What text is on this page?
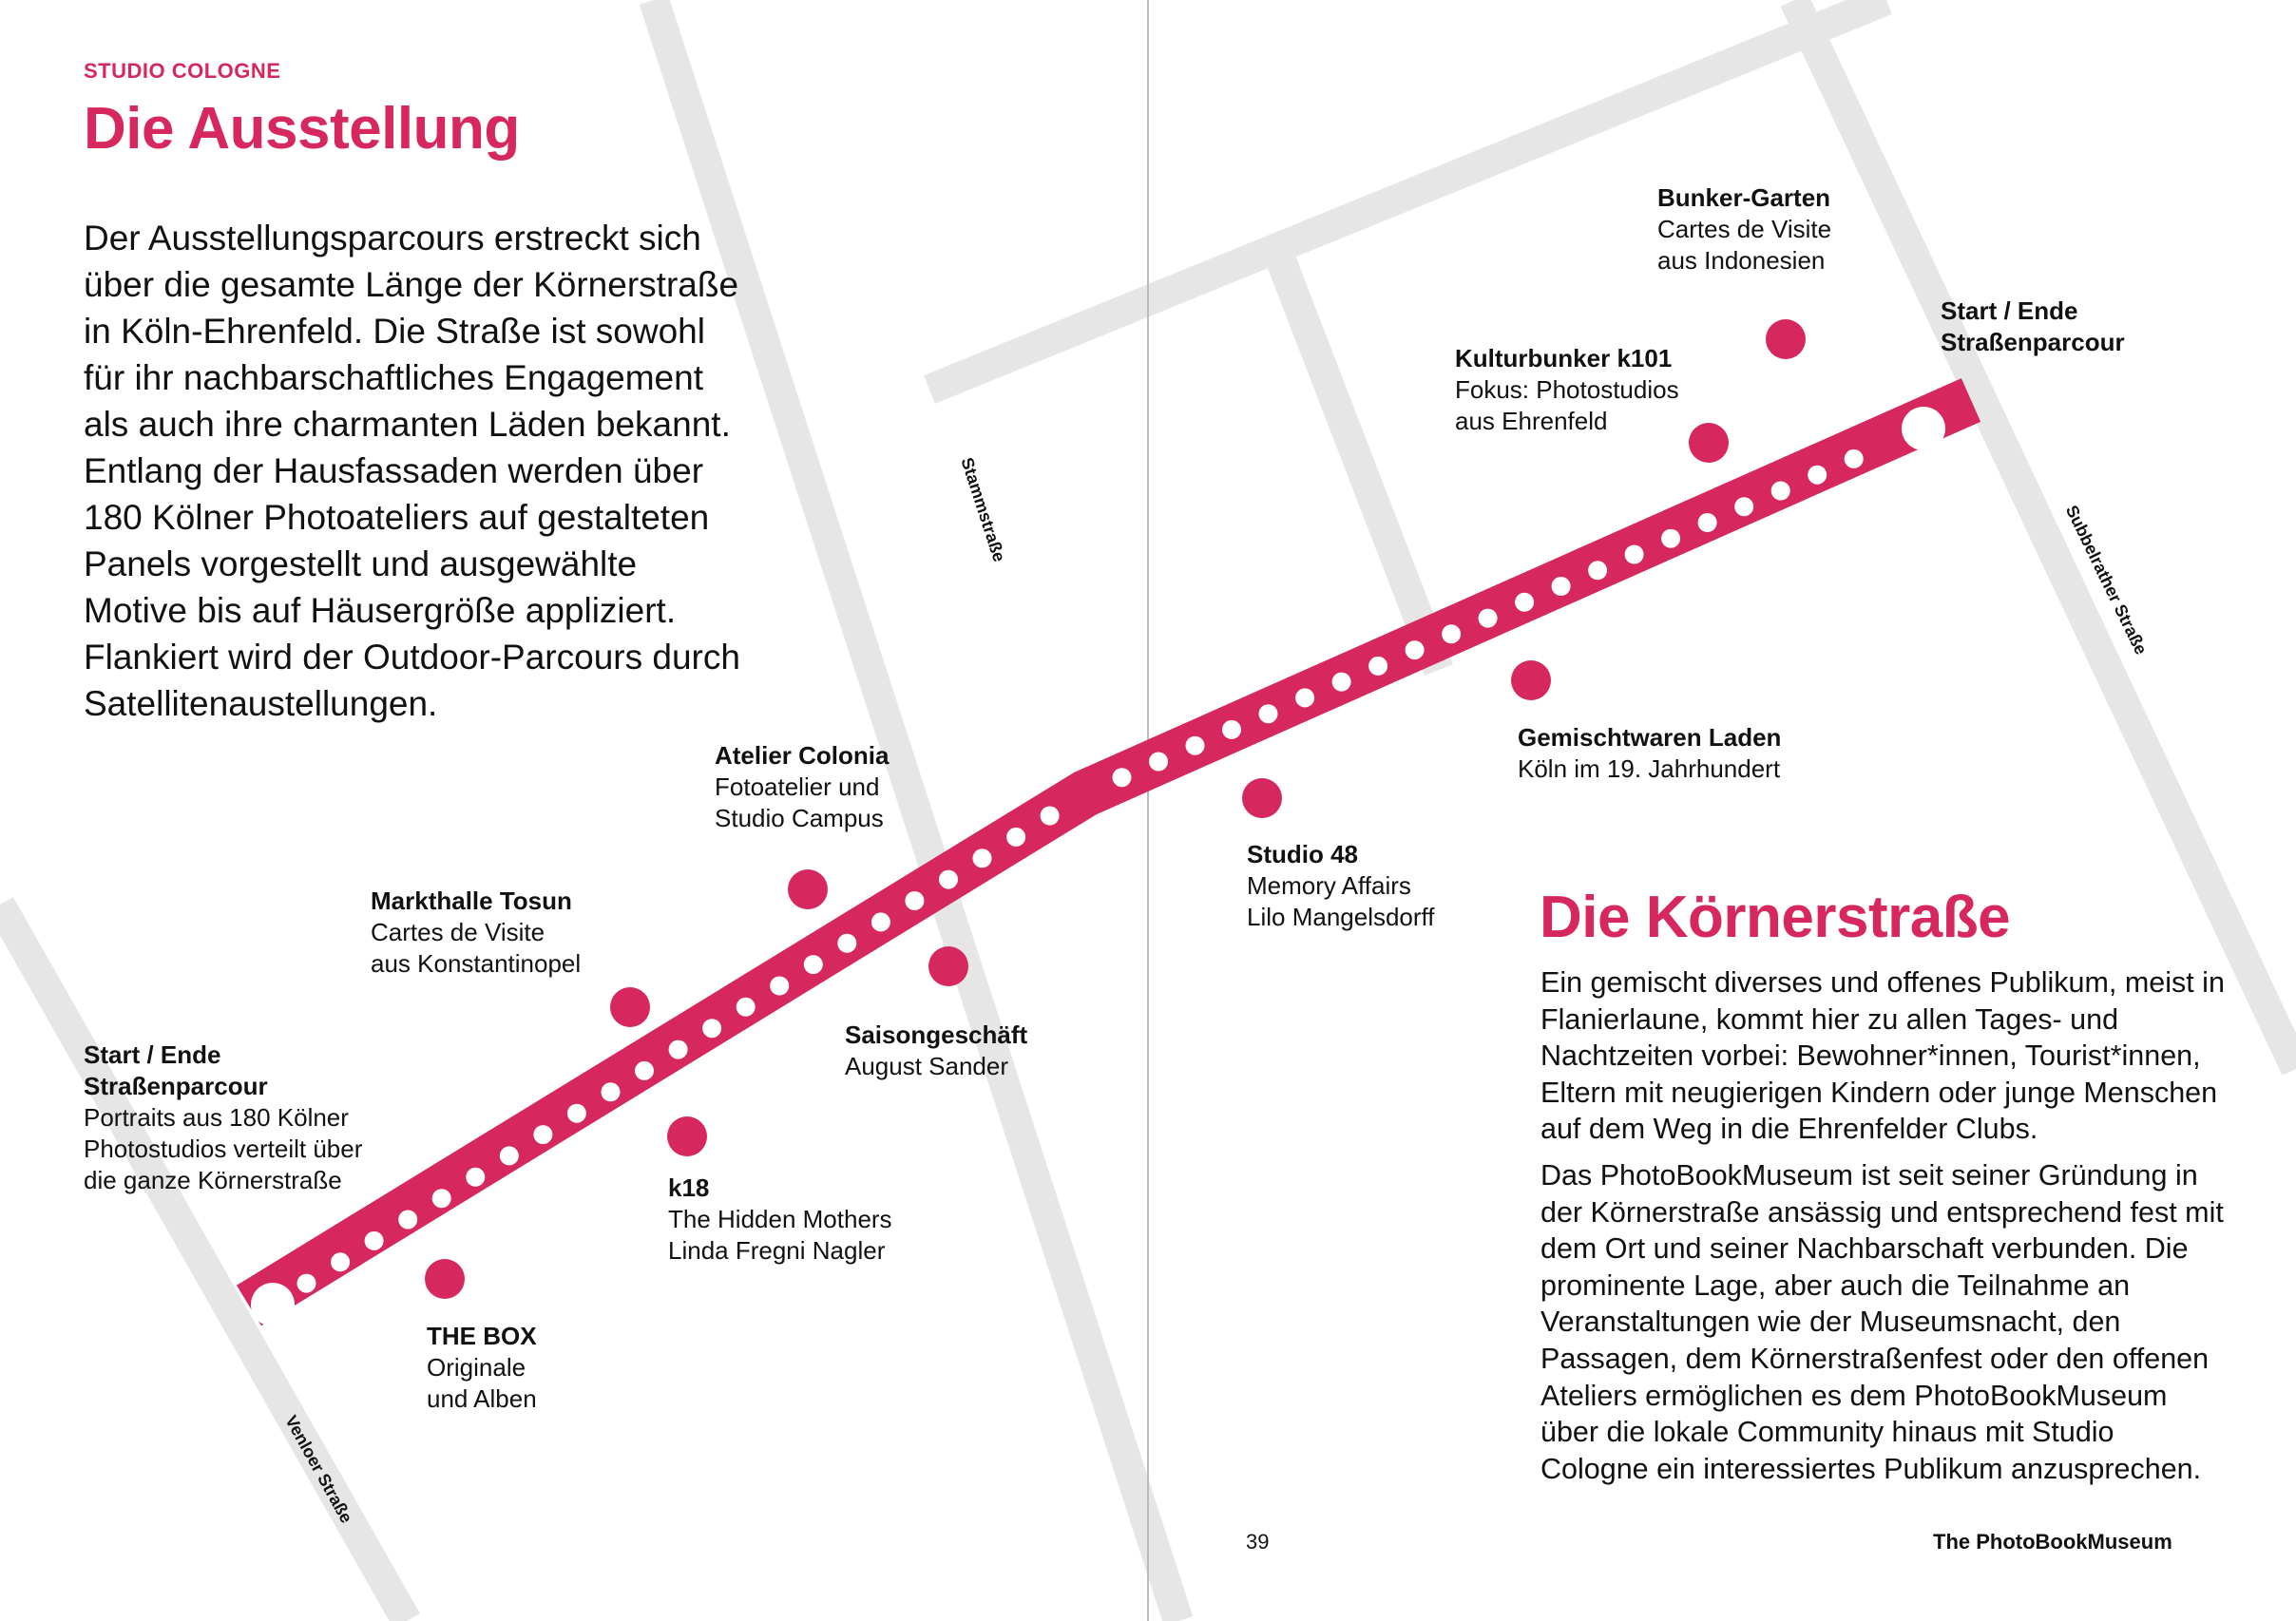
Venloer Straße
Stammstraße	Subbelrather Straße
STUDIO COLOGNE
Die Ausstellung
Der Ausstellungsparcours erstreckt sich über die gesamte Länge der Körnerstraße in Köln-Ehrenfeld. Die Straße ist sowohl für ihr nachbarschaftliches Engagement als auch ihre charmanten Läden bekannt. Entlang der Hausfassaden werden über 180 Kölner Photoateliers auf gestalteten Panels vorgestellt und ausgewählte Motive bis auf Häusergröße appliziert. Flankiert wird der Outdoor-Parcours durch Satellitenaustellungen.
Start / Ende
Straßenparcour
Portraits aus 180 Kölner
Photostudios verteilt über
die ganze Körnerstraße
THE BOX
Originale
und Alben
Markthalle Tosun
Cartes de Visite
aus Konstantinopel
k18
The Hidden Mothers
Linda Fregni Nagler
Atelier Colonia
Fotoatelier und
Studio Campus
Saisongeschäft
August Sander
Studio 48
Memory Affairs
Lilo Mangelsdorff
Gemischtwaren Laden
Köln im 19. Jahrhundert
Kulturbunker k101
Fokus: Photostudios
aus Ehrenfeld
Bunker-Garten
Cartes de Visite
aus Indonesien
Start / Ende
Straßenparcour
Die Körnerstraße

Ein gemischt diverses und offenes Publikum, meist in Flanierlaune, kommt hier zu allen Tages- und Nachtzeiten vorbei: Bewohner*innen, Tourist*innen, Eltern mit neugierigen Kindern oder junge Menschen auf dem Weg in die Ehrenfelder Clubs.

Das PhotoBookMuseum ist seit seiner Gründung in der Körnerstraße ansässig und entsprechend fest mit dem Ort und seiner Nachbarschaft verbunden. Die prominente Lage, aber auch die Teilnahme an Veranstaltungen wie der Museumsnacht, den Passagen, dem Körnerstraßenfest oder den offenen Ateliers ermöglichen es dem PhotoBookMuseum über die lokale Community hinaus mit Studio Cologne ein interessiertes Publikum anzusprechen.

39	The PhotoBookMuseum
